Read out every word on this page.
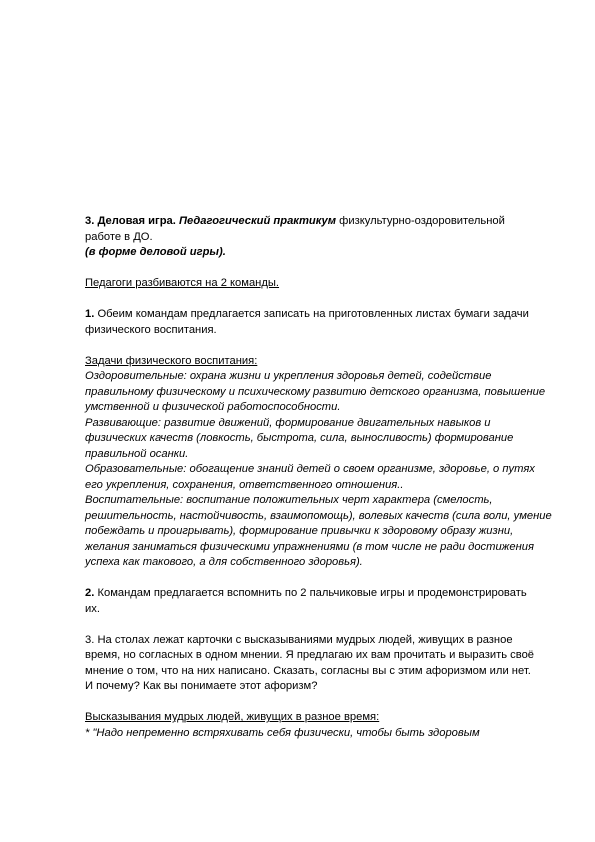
3. Деловая игра. Педагогический практикум физкультурно-оздоровительной
работе в ДО.
(в форме деловой игры).
Педагоги разбиваются на 2 команды.
1. Обеим командам предлагается записать на приготовленных листах бумаги задачи
физического воспитания.
Задачи физического воспитания:
Оздоровительные: охрана жизни и укрепления здоровья детей, содействие
правильному физическому и психическому развитию детского организма, повышение
умственной и физической работоспособности.
Развивающие: развитие движений, формирование двигательных навыков и
физических качеств (ловкость, быстрота, сила, выносливость) формирование
правильной осанки.
Образовательные: обогащение знаний детей о своем организме, здоровье, о путях
его укрепления, сохранения, ответственного отношения..
Воспитательные: воспитание положительных черт характера (смелость,
решительность, настойчивость, взаимопомощь), волевых качеств (сила воли, умение
побеждать и проигрывать), формирование привычки к здоровому образу жизни,
желания заниматься физическими упражнениями (в том числе не ради достижения
успеха как такового, а для собственного здоровья).
2. Командам предлагается вспомнить по 2 пальчиковые игры и продемонстрировать
их.
3. На столах лежат карточки с высказываниями мудрых людей, живущих в разное
время, но согласных в одном мнении. Я предлагаю их вам прочитать и выразить своё
мнение о том, что на них написано. Сказать, согласны вы с этим афоризмом или нет.
И почему? Как вы понимаете этот афоризм?
Высказывания мудрых людей, живущих в разное время:
* "Надо непременно встряхивать себя физически, чтобы быть здоровым
